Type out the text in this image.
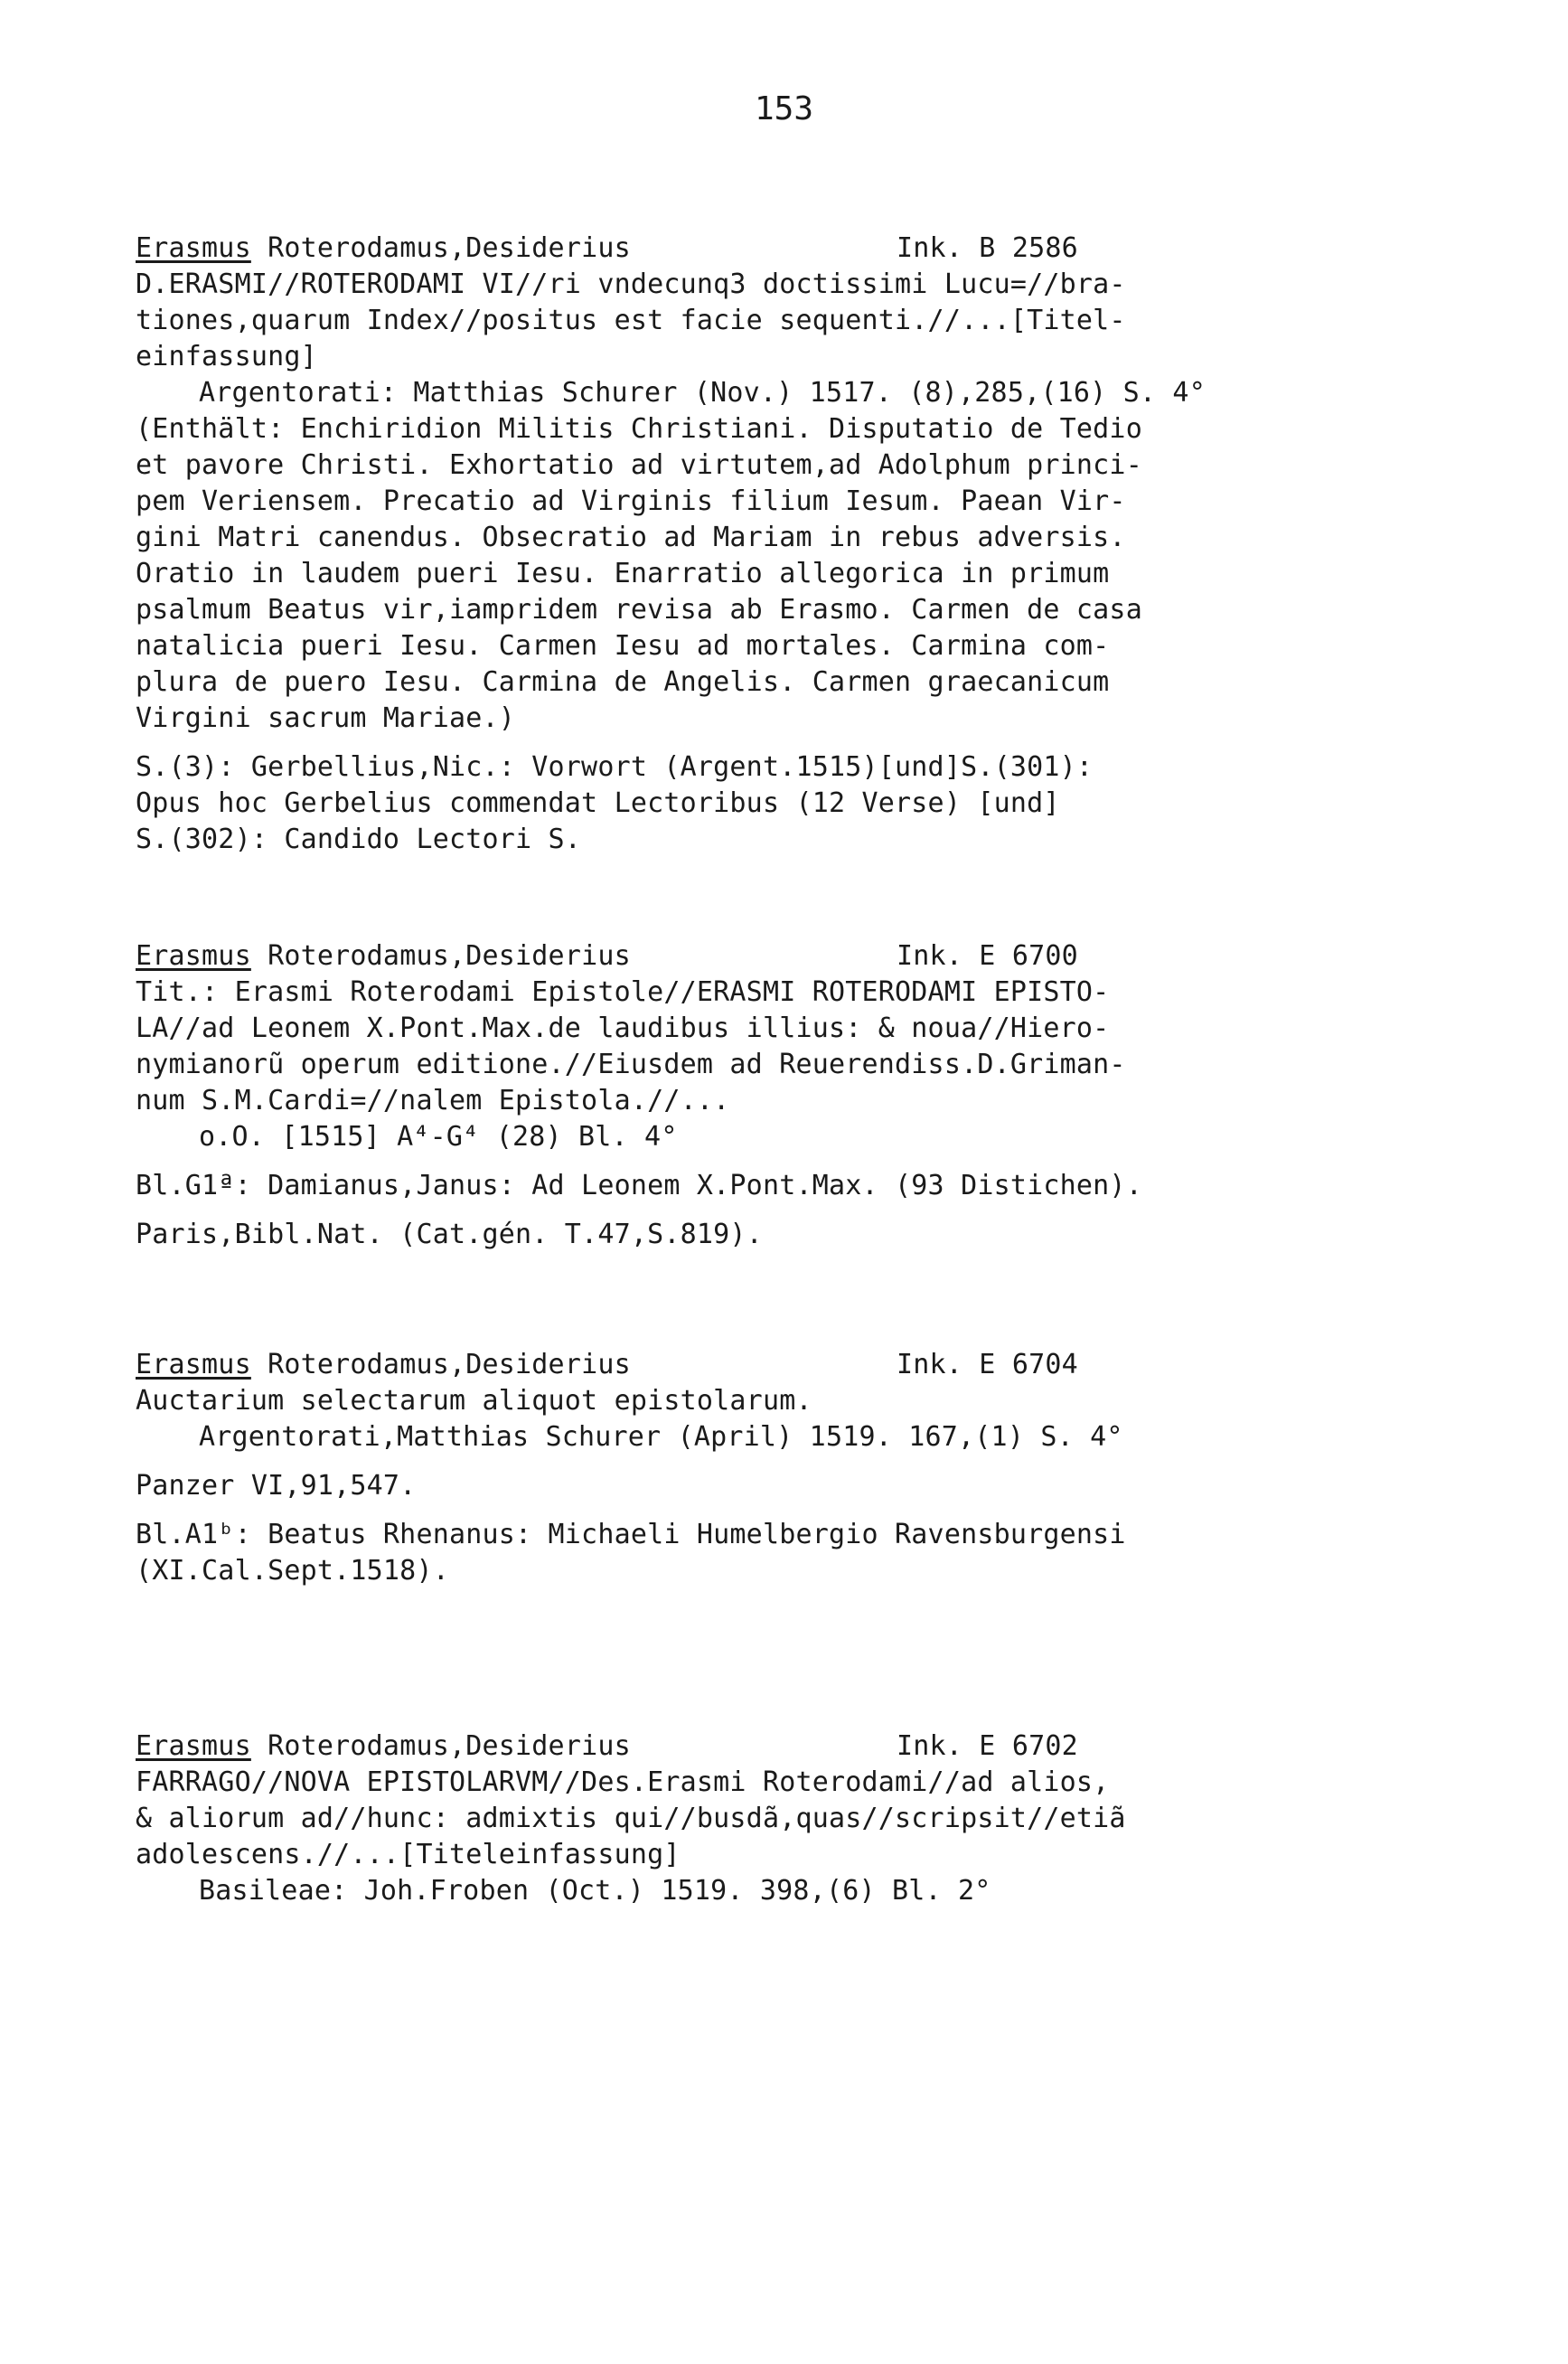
153
Erasmus Roterodamus,Desiderius	Ink. B 2586
D.ERASMI//ROTERODAMI VI//ri vndecunq3 doctissimi Lucu=//bra-
tiones,quarum Index//positus est facie sequenti.//...[Titel-
einfassung]
Argentorati: Matthias Schurer (Nov.) 1517. (8),285,(16) S. 4°
(Enthält: Enchiridion Militis Christiani. Disputatio de Tedio
et pavore Christi. Exhortatio ad virtutem,ad Adolphum princi-
pem Veriensem. Precatio ad Virginis filium Iesum. Paean Vir-
gini Matri canendus. Obsecratio ad Mariam in rebus adversis.
Oratio in laudem pueri Iesu. Enarratio allegorica in primum
psalmum Beatus vir,iampridem revisa ab Erasmo. Carmen de casa
natalicia pueri Iesu. Carmen Iesu ad mortales. Carmina com-
plura de puero Iesu. Carmina de Angelis. Carmen graecanicum
Virgini sacrum Mariae.)
S.(3): Gerbellius,Nic.: Vorwort (Argent.1515)[und]S.(301):
Opus hoc Gerbelius commendat Lectoribus (12 Verse) [und]
S.(302): Candido Lectori S.
Erasmus Roterodamus,Desiderius	Ink. E 6700
Tit.: Erasmi Roterodami Epistole//ERASMI ROTERODAMI EPISTO-
LA//ad Leonem X.Pont.Max.de laudibus illius: & noua//Hiero-
nymianorũ operum editione.//Eiusdem ad Reuerendiss.D.Griman-
num S.M.Cardi=//nalem Epistola.//...
o.O. [1515] A⁴-G⁴ (28) Bl. 4°
Bl.G1ª: Damianus,Janus: Ad Leonem X.Pont.Max. (93 Distichen).
Paris,Bibl.Nat. (Cat.gén. T.47,S.819).
Erasmus Roterodamus,Desiderius	Ink. E 6704
Auctarium selectarum aliquot epistolarum.
Argentorati,Matthias Schurer (April) 1519. 167,(1) S. 4°
Panzer VI,91,547.
Bl.A1ᵇ: Beatus Rhenanus: Michaeli Humelbergio Ravensburgensi
(XI.Cal.Sept.1518).
Erasmus Roterodamus,Desiderius	Ink. E 6702
FARRAGO//NOVA EPISTOLARVM//Des.Erasmi Roterodami//ad alios,
& aliorum ad//hunc: admixtis qui//busdã,quas//scripsit//etiã
adolescens.//...[Titeleinfassung]
Basileae: Joh.Froben (Oct.) 1519. 398,(6) Bl. 2°
